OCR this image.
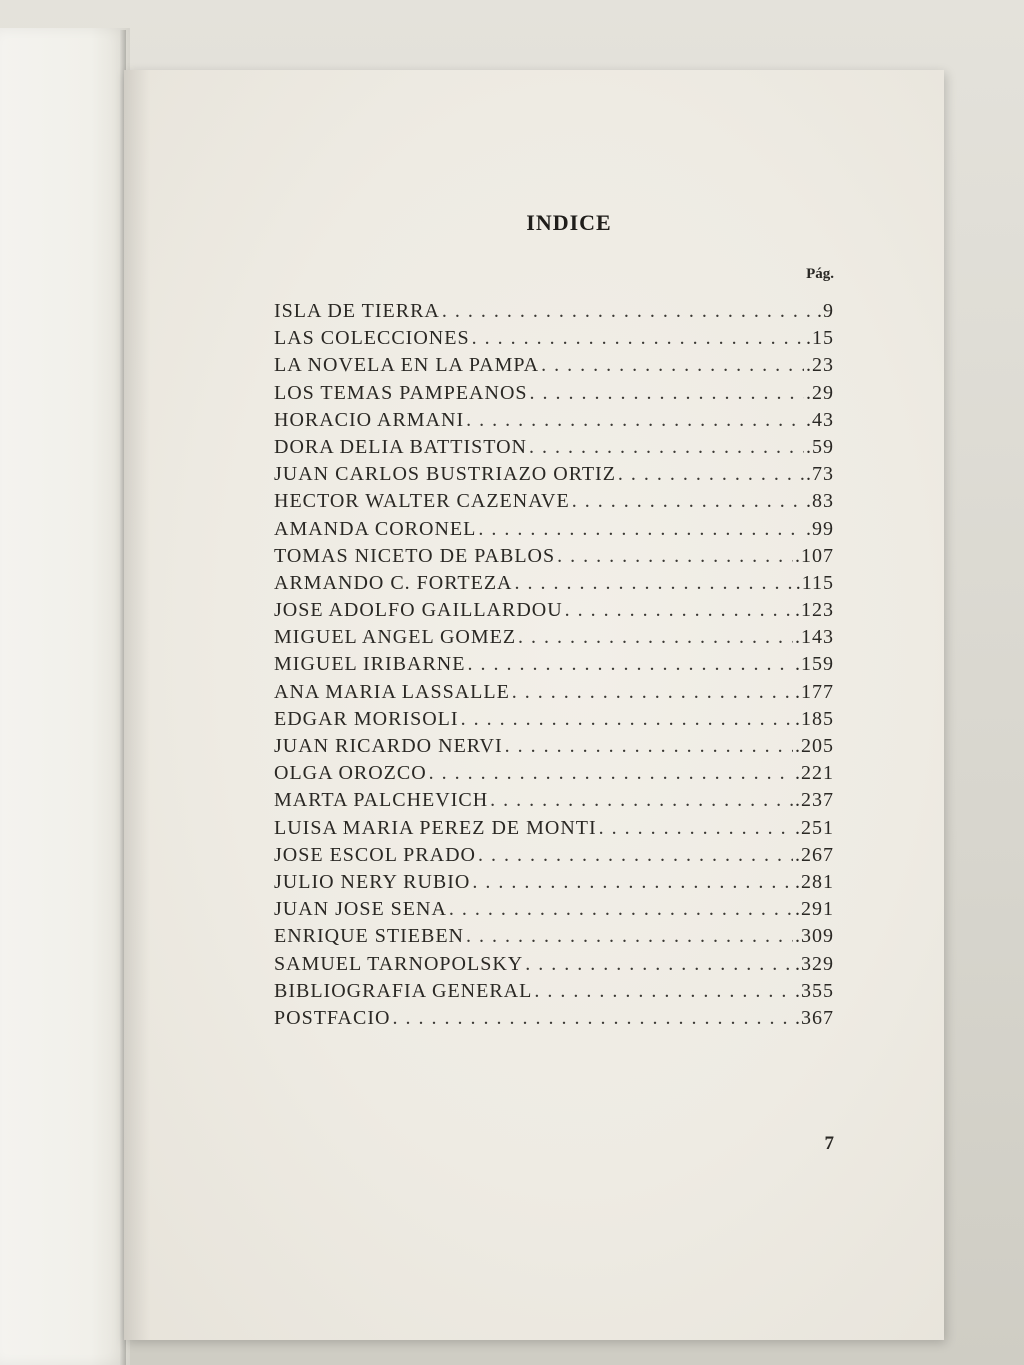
INDICE
Pág.
ISLA DE TIERRA . . .	.9
LAS COLECCIONES . . .	.15
LA NOVELA EN LA PAMPA . . .	.23
LOS TEMAS PAMPEANOS . . .	.29
HORACIO ARMANI . . .	.43
DORA DELIA BATTISTON . . .	.59
JUAN CARLOS BUSTRIAZO ORTIZ . . .	.73
HECTOR WALTER CAZENAVE . . .	.83
AMANDA CORONEL . . .	.99
TOMAS NICETO DE PABLOS . . .	.107
ARMANDO C. FORTEZA . . .	.115
JOSE ADOLFO GAILLARDOU . . .	.123
MIGUEL ANGEL GOMEZ . . .	.143
MIGUEL IRIBARNE . . .	.159
ANA MARIA LASSALLE . . .	.177
EDGAR MORISOLI . . .	.185
JUAN RICARDO NERVI . . .	.205
OLGA OROZCO . . .	.221
MARTA PALCHEVICH . . .	.237
LUISA MARIA PEREZ DE MONTI . . .	.251
JOSE ESCOL PRADO . . .	.267
JULIO NERY RUBIO . . .	.281
JUAN JOSE SENA . . .	.291
ENRIQUE STIEBEN . . .	.309
SAMUEL TARNOPOLSKY . . .	.329
BIBLIOGRAFIA GENERAL . . .	.355
POSTFACIO . . .	.367
7
